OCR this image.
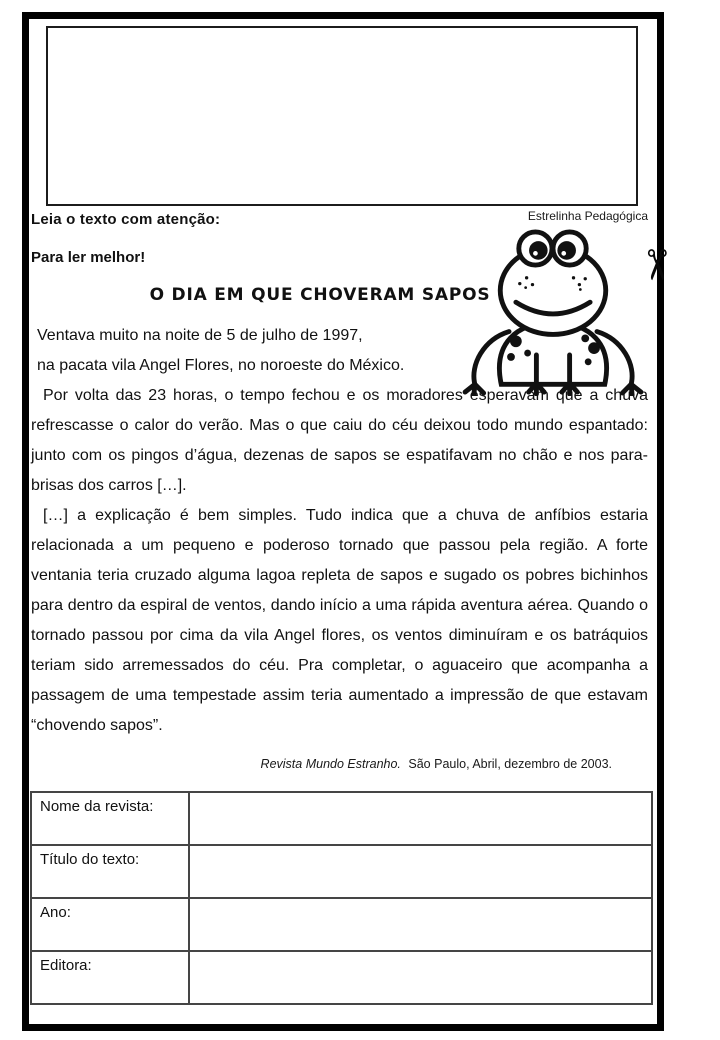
Leia o texto com atenção:	Estrelinha Pedagógica
Para ler melhor!
O DIA EM QUE CHOVERAM SAPOS
✂
Ventava muito na noite de 5 de julho de 1997,
na pacata vila Angel Flores, no noroeste do México.

Por volta das 23 horas, o tempo fechou e os moradores esperavam que a chuva refrescasse o calor do verão. Mas o que caiu do céu deixou todo mundo espantado: junto com os pingos d’água, dezenas de sapos se espatifavam no chão e nos para-brisas dos carros […].

[…] a explicação é bem simples. Tudo indica que a chuva de anfíbios estaria relacionada a um pequeno e poderoso tornado que passou pela região. A forte ventania teria cruzado alguma lagoa repleta de sapos e sugado os pobres bichinhos para dentro da espiral de ventos, dando início a uma rápida aventura aérea. Quando o tornado passou por cima da vila Angel flores, os ventos diminuíram e os batráquios teriam sido arremessados do céu. Pra completar, o aguaceiro que acompanha a passagem de uma tempestade assim teria aumentado a impressão de que estavam “chovendo sapos”.

Revista Mundo Estranho. São Paulo, Abril, dezembro de 2003.
Nome da revista:	
Título do texto:	
Ano:	
Editora:	
